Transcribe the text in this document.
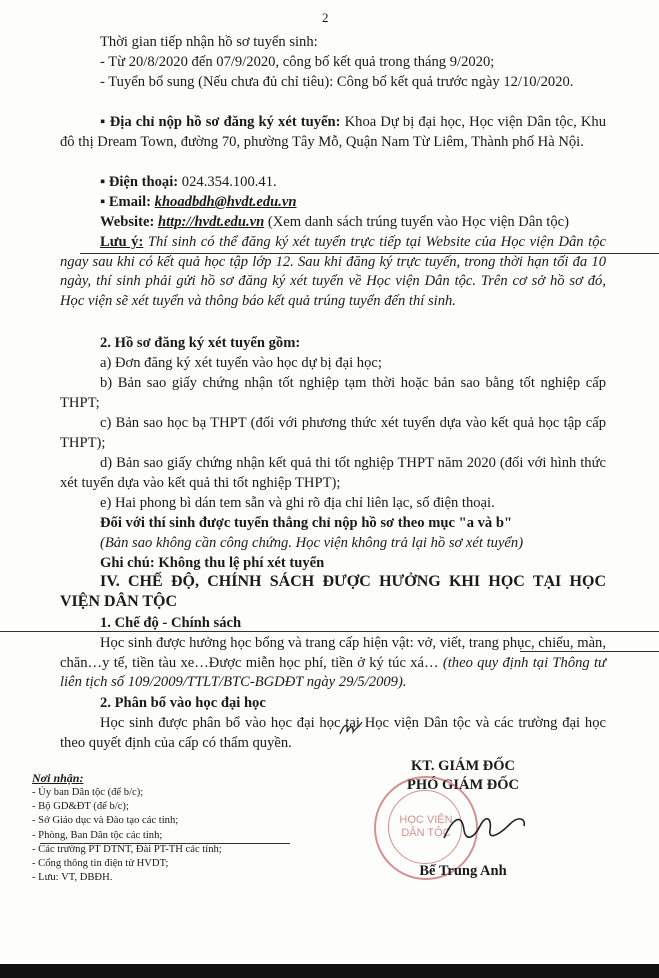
2
Thời gian tiếp nhận hồ sơ tuyển sinh:
- Từ 20/8/2020 đến 07/9/2020, công bố kết quả trong tháng 9/2020;
- Tuyển bổ sung (Nếu chưa đủ chỉ tiêu): Công bố kết quả trước ngày 12/10/2020.
▪ Địa chỉ nộp hồ sơ đăng ký xét tuyển: Khoa Dự bị đại học, Học viện Dân tộc, Khu đô thị Dream Town, đường 70, phường Tây Mỗ, Quận Nam Từ Liêm, Thành phố Hà Nội.
▪ Điện thoại: 024.354.100.41.
▪ Email: khoadbdh@hvdt.edu.vn
Website: http://hvdt.edu.vn (Xem danh sách trúng tuyển vào Học viện Dân tộc)
Lưu ý: Thí sinh có thể đăng ký xét tuyển trực tiếp tại Website của Học viện Dân tộc ngay sau khi có kết quả học tập lớp 12. Sau khi đăng ký trực tuyến, trong thời hạn tối đa 10 ngày, thí sinh phải gửi hồ sơ đăng ký xét tuyển về Học viện Dân tộc. Trên cơ sở hồ sơ đó, Học viện sẽ xét tuyển và thông báo kết quả trúng tuyển đến thí sinh.
2. Hồ sơ đăng ký xét tuyển gồm:
a) Đơn đăng ký xét tuyển vào học dự bị đại học;
b) Bản sao giấy chứng nhận tốt nghiệp tạm thời hoặc bản sao bằng tốt nghiệp cấp THPT;
c) Bản sao học bạ THPT (đối với phương thức xét tuyển dựa vào kết quả học tập cấp THPT);
d) Bản sao giấy chứng nhận kết quả thi tốt nghiệp THPT năm 2020 (đối với hình thức xét tuyển dựa vào kết quả thi tốt nghiệp THPT);
e) Hai phong bì dán tem sẵn và ghi rõ địa chỉ liên lạc, số điện thoại.
Đối với thí sinh được tuyển thẳng chỉ nộp hồ sơ theo mục "a và b"
(Bản sao không cần công chứng. Học viện không trả lại hồ sơ xét tuyển)
Ghi chú: Không thu lệ phí xét tuyển
IV. CHẾ ĐỘ, CHÍNH SÁCH ĐƯỢC HƯỞNG KHI HỌC TẠI HỌC VIỆN DÂN TỘC
1. Chế độ - Chính sách
Học sinh được hưởng học bổng và trang cấp hiện vật: vở, viết, trang phục, chiếu, màn, chăn…y tế, tiền tàu xe…Được miễn học phí, tiền ở ký túc xá… (theo quy định tại Thông tư liên tịch số 109/2009/TTLT/BTC-BGDĐT ngày 29/5/2009).
2. Phân bổ vào học đại học
Học sinh được phân bổ vào học đại học tại Học viện Dân tộc và các trường đại học theo quyết định của cấp có thẩm quyền.
Nơi nhận:
- Ủy ban Dân tộc (để b/c);
- Bộ GD&ĐT (để b/c);
- Sở Giáo dục và Đào tạo các tỉnh;
- Phòng, Ban Dân tộc các tỉnh;
- Các trường PT DTNT, Đài PT-TH các tỉnh;
- Cổng thông tin điện tử HVDT;
- Lưu: VT, DBĐH.
KT. GIÁM ĐỐC
PHÓ GIÁM ĐỐC
HỌC VIỆN DÂN TỘC
Bế Trung Anh
